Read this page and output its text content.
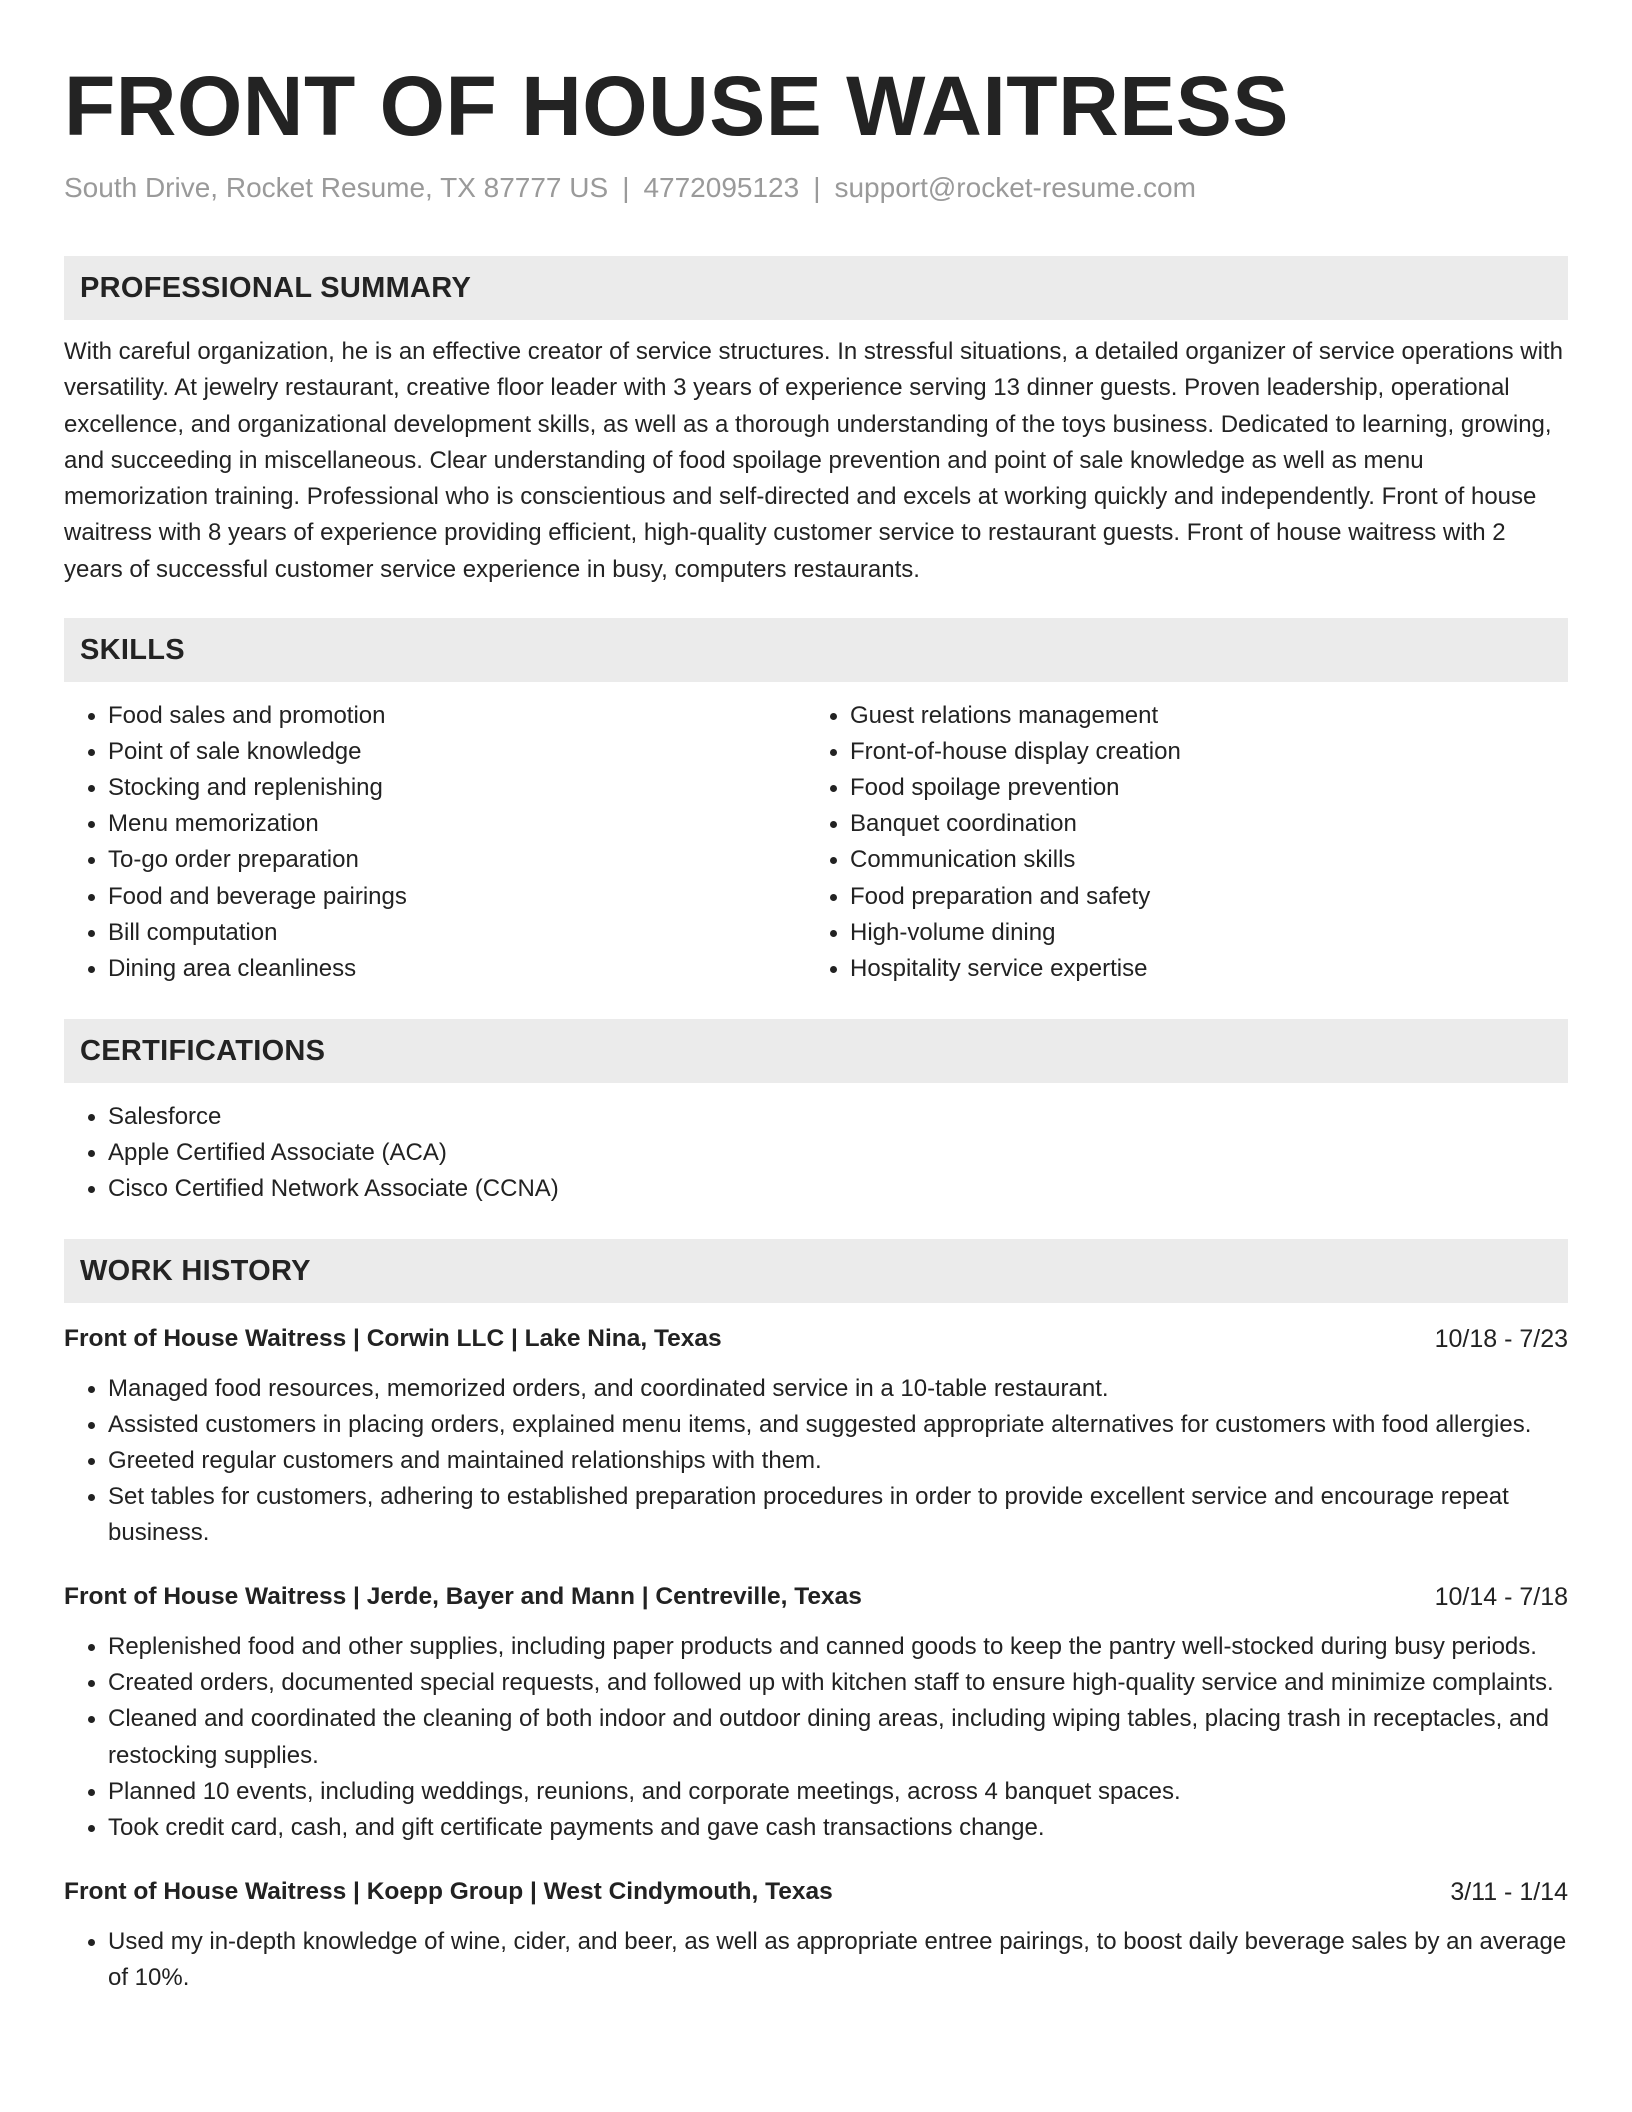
FRONT OF HOUSE WAITRESS
South Drive, Rocket Resume, TX 87777 US | 4772095123 | support@rocket-resume.com
PROFESSIONAL SUMMARY

With careful organization, he is an effective creator of service structures. In stressful situations, a detailed organizer of service operations with versatility. At jewelry restaurant, creative floor leader with 3 years of experience serving 13 dinner guests. Proven leadership, operational excellence, and organizational development skills, as well as a thorough understanding of the toys business. Dedicated to learning, growing, and succeeding in miscellaneous. Clear understanding of food spoilage prevention and point of sale knowledge as well as menu memorization training. Professional who is conscientious and self-directed and excels at working quickly and independently. Front of house waitress with 8 years of experience providing efficient, high-quality customer service to restaurant guests. Front of house waitress with 2 years of successful customer service experience in busy, computers restaurants.

SKILLS
• Food sales and promotion
• Point of sale knowledge
• Stocking and replenishing
• Menu memorization
• To-go order preparation
• Food and beverage pairings
• Bill computation
• Dining area cleanliness
• Guest relations management
• Front-of-house display creation
• Food spoilage prevention
• Banquet coordination
• Communication skills
• Food preparation and safety
• High-volume dining
• Hospitality service expertise
CERTIFICATIONS
• Salesforce
• Apple Certified Associate (ACA)
• Cisco Certified Network Associate (CCNA)
WORK HISTORY
Front of House Waitress | Corwin LLC | Lake Nina, Texas	10/18 - 7/23
• Managed food resources, memorized orders, and coordinated service in a 10-table restaurant.
• Assisted customers in placing orders, explained menu items, and suggested appropriate alternatives for customers with food allergies.
• Greeted regular customers and maintained relationships with them.
• Set tables for customers, adhering to established preparation procedures in order to provide excellent service and encourage repeat business.
Front of House Waitress | Jerde, Bayer and Mann | Centreville, Texas	10/14 - 7/18
• Replenished food and other supplies, including paper products and canned goods to keep the pantry well-stocked during busy periods.
• Created orders, documented special requests, and followed up with kitchen staff to ensure high-quality service and minimize complaints.
• Cleaned and coordinated the cleaning of both indoor and outdoor dining areas, including wiping tables, placing trash in receptacles, and restocking supplies.
• Planned 10 events, including weddings, reunions, and corporate meetings, across 4 banquet spaces.
• Took credit card, cash, and gift certificate payments and gave cash transactions change.
Front of House Waitress | Koepp Group | West Cindymouth, Texas	3/11 - 1/14
• Used my in-depth knowledge of wine, cider, and beer, as well as appropriate entree pairings, to boost daily beverage sales by an average of 10%.
